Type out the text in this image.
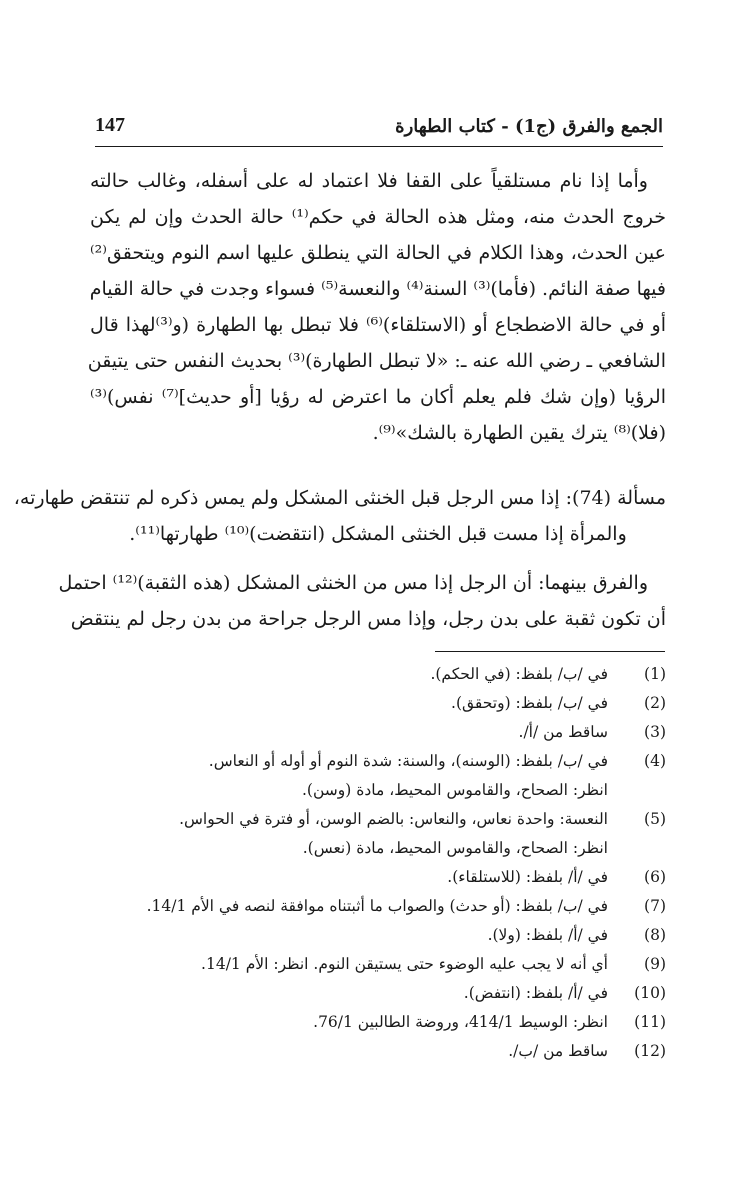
147	الجمع والفرق (ج1) - كتاب الطهارة
وأما إذا نام مستلقياً على القفا فلا اعتماد له على أسفله، وغالب حالته
خروج الحدث منه، ومثل هذه الحالة في حكم⁽¹⁾ حالة الحدث وإن لم يكن
عين الحدث، وهذا الكلام في الحالة التي ينطلق عليها اسم النوم ويتحقق⁽²⁾
فيها صفة النائم. (فأما)⁽³⁾ السنة⁽⁴⁾ والنعسة⁽⁵⁾ فسواء وجدت في حالة القيام
أو في حالة الاضطجاع أو (الاستلقاء)⁽⁶⁾ فلا تبطل بها الطهارة (و⁽³⁾لهذا قال
الشافعي ـ رضي الله عنه ـ: «لا تبطل الطهارة)⁽³⁾ بحديث النفس حتى يتيقن
الرؤيا (وإن شك فلم يعلم أكان ما اعترض له رؤيا [أو حديث]⁽⁷⁾ نفس)⁽³⁾
(فلا)⁽⁸⁾ يترك يقين الطهارة بالشك»⁽⁹⁾.
مسألة (74): إذا مس الرجل قبل الخنثى المشكل ولم يمس ذكره لم تنتقض طهارته،
والمرأة إذا مست قبل الخنثى المشكل (انتقضت)⁽¹⁰⁾ طهارتها⁽¹¹⁾.
والفرق بينهما: أن الرجل إذا مس من الخنثى المشكل (هذه الثقبة)⁽¹²⁾ احتمل
أن تكون ثقبة على بدن رجل، وإذا مس الرجل جراحة من بدن رجل لم ينتقض
(1)
في /ب/ بلفظ: (في الحكم).
(2)
في /ب/ بلفظ: (وتحقق).
(3)
ساقط من /أ/.
(4)
في /ب/ بلفظ: (الوسنه)، والسنة: شدة النوم أو أوله أو النعاس.
انظر: الصحاح، والقاموس المحيط، مادة (وسن).
(5)
النعسة: واحدة نعاس، والنعاس: بالضم الوسن، أو فترة في الحواس.
انظر: الصحاح، والقاموس المحيط، مادة (نعس).
(6)
في /أ/ بلفظ: (للاستلقاء).
(7)
في /ب/ بلفظ: (أو حدث) والصواب ما أثبتناه موافقة لنصه في الأم 14/1.
(8)
في /أ/ بلفظ: (ولا).
(9)
أي أنه لا يجب عليه الوضوء حتى يستيقن النوم. انظر: الأم 14/1.
(10)
في /أ/ بلفظ: (انتفض).
(11)
انظر: الوسيط 414/1، وروضة الطالبين 76/1.
(12)
ساقط من /ب/.
